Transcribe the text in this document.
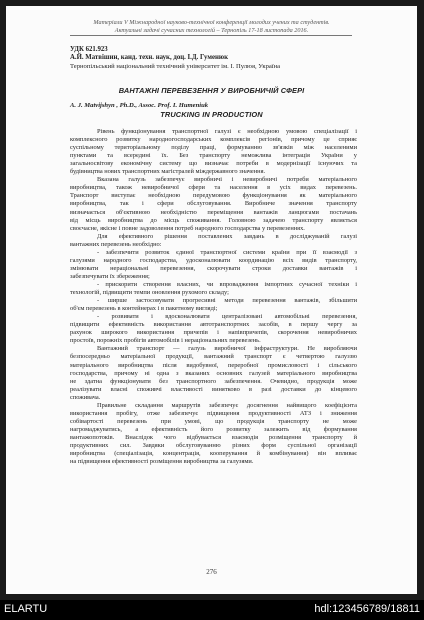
Матеріали V Міжнародної науково-технічної конференції молодих учених та студентів.
Актуальні задачі сучасних технологій – Тернопіль 17-18 листопада 2016.
УДК 621.923
А.Й. Матвішин, канд. техн. наук, доц. І.Д. Гуменюк
Тернопільський національний технічний університет ім. І. Пулюя, Україна
ВАНТАЖНІ ПЕРЕВЕЗЕННЯ У ВИРОБНИЧІЙ СФЕРІ
A. J. Matvijshyn , Ph.D., Assoc. Prof. I. Humeniuk
TRUCKING IN PRODUCTION
Рівень функціонування транспортної галузі є необхідною умовою спеціалізації і
комплексного розвитку народногосподарських комплексів регіонів, причому це сприяє
суспільному територіальному поділу праці, формуванню зв'язків між населеними
пунктами та всередині їх. Без транспорту неможлива інтеграція України у
загальносвітову економічну систему що визначає потреби в модернізації існуючих та
будівництва нових транспортних магістралей міждержавного значення.
Вказана галузь забезпечує виробничі і невиробничі потреби матеріального
виробництва, також невиробничої сфери та населення в усіх видах перевезень.
Транспорт виступає необхідною передумовою функціонування як матеріального
виробництва, так і сфери обслуговування. Виробниче значення транспорту
визначається об'єктивною необхідністю переміщення вантажів ланцюгами постачань
від місць виробництва до місць споживання. Головною задачею транспорту являється
своєчасне, якісне і повне задоволення потреб народного господарства у перевезеннях.
Для ефективного рішення поставлених завдань в досліджуваній галузі
вантажних перевезень необхідно:
- забезпечити розвиток єдиної транспортної системи країни при її взаємодії з
галузями народного господарства, удосконалювати координацію всіх видів транспорту,
змінювати нераціональні перевезення, скорочувати строки доставки вантажів і
забезпечувати їх збереження;
- прискорити створення власних, чи впровадження імпортних сучасної техніки і
технологій, підвищити темпи оновлення рухомого складу;
- ширше застосовувати прогресивні методи перевезення вантажів, збільшити
об'єм перевезень в контейнерах і в пакетному вигляді;
- розвивати і вдосконалювати централізовані автомобільні перевезення,
підвищити ефективність використання автотранспортних засобів, в першу чергу за
рахунок широкого використання причепів і напівпричепів, скорочення невиробничих
простоїв, порожніх пробігів автомобілів і нераціональних перевезень.
Вантажний транспорт — галузь виробничої інфраструктури. Не виробляючи
безпосередньо матеріальної продукції, вантажний транспорт є четвертою галуззю
матеріального виробництва після видобувної, переробної промисловості і сільського
господарства, причому ні одна з вказаних основних галузей матеріального виробництва
не здатна функціонувати без транспортного забезпечення. Очевидно, продукція може
реалізувати власні споживчі властивості винятково в разі доставки до кінцевого
споживача.
Правильне складання маршрутів забезпечує досягнення найвищого коефіцієнта
використання пробігу, отже забезпечує підвищення продуктивності АТЗ і зниження
собівартості перевезень при умові, що продукція транспорту не може
нагромаджуватись, а ефективність його розвитку залежить від формування
вантажопотоків. Внаслідок чого відбувається взаємодія розміщення транспорту й
продуктивних сил. Завдяки обслуговуванню різних форм суспільної організації
виробництва (спеціалізація, концентрація, кооперування й комбінування) він впливає
на підвищення ефективності розміщення виробництва за галузями.
276
ELARTU	hdl:123456789/18811
